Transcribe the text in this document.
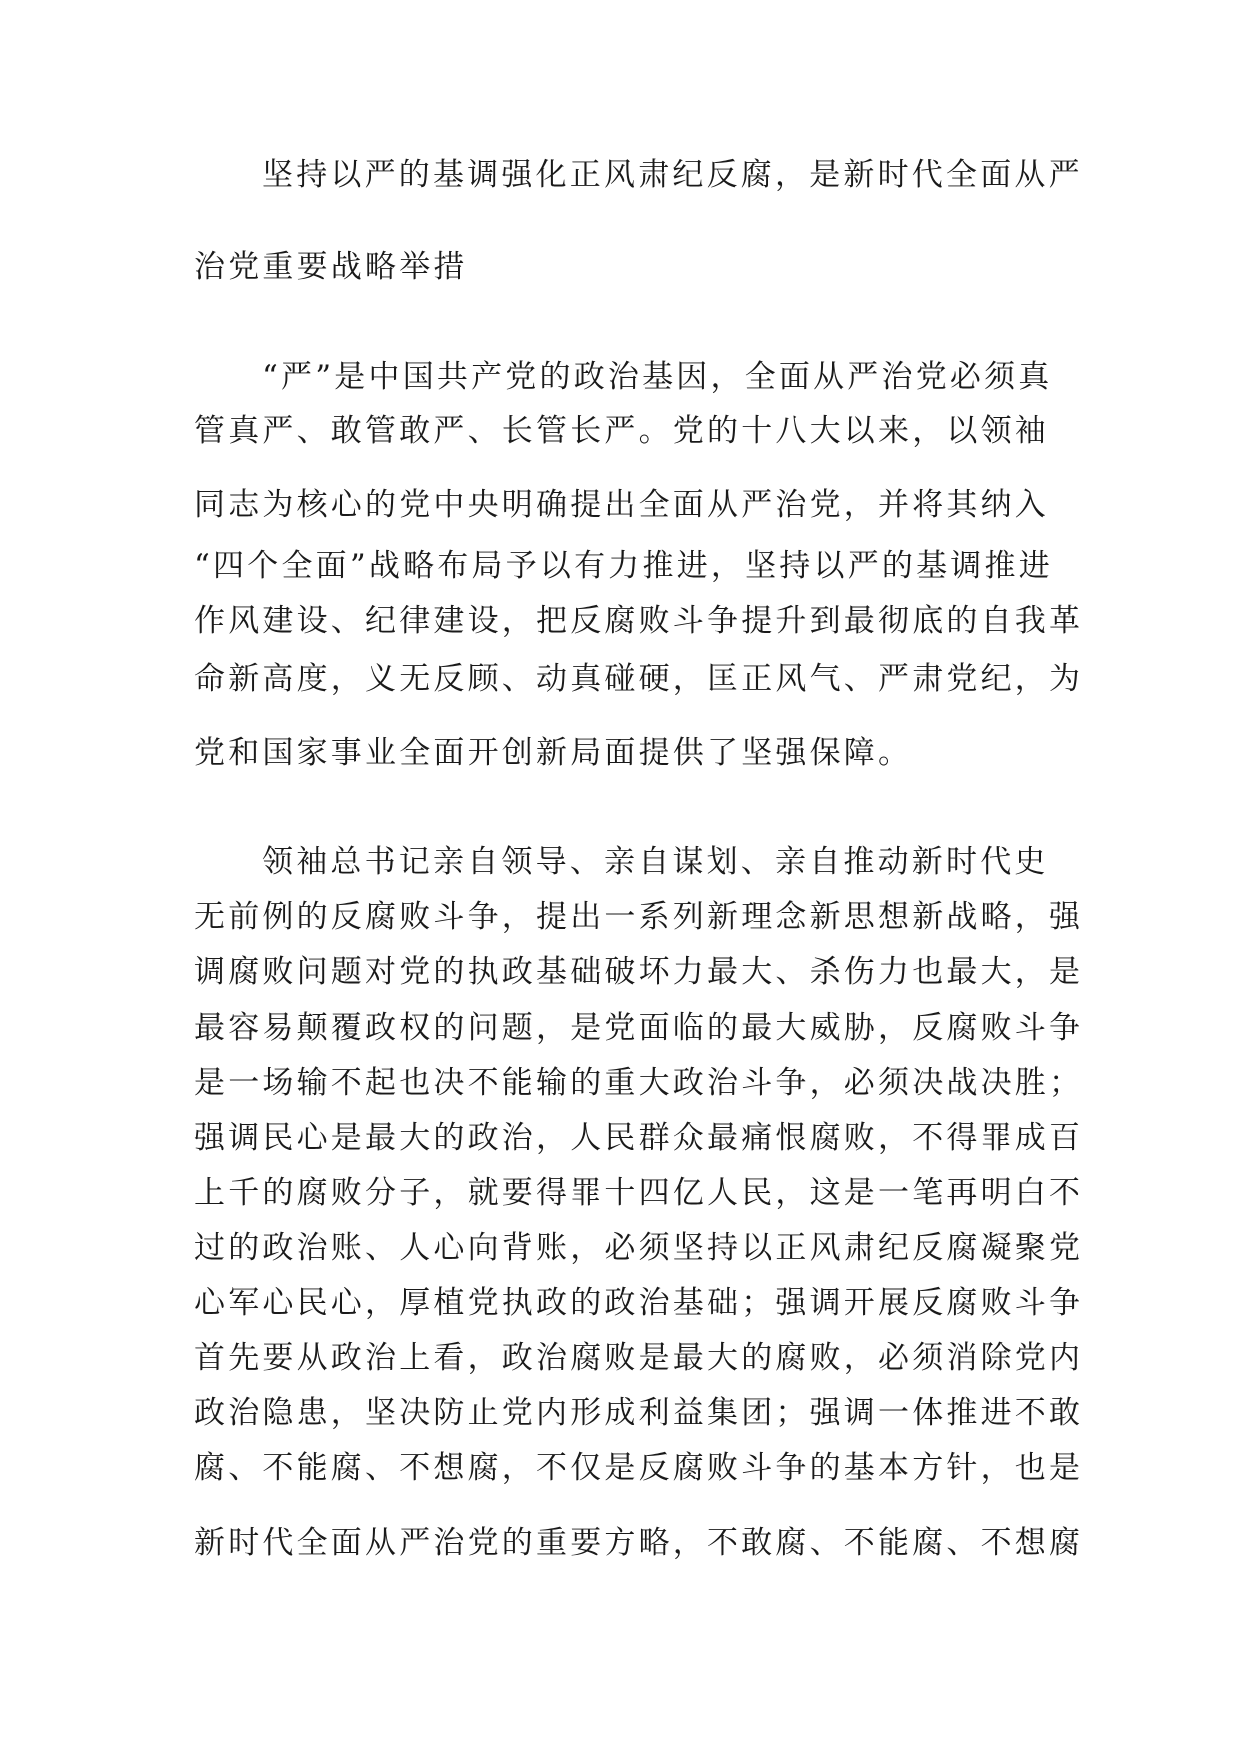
坚持以严的基调强化正风肃纪反腐，是新时代全面从严

治党重要战略举措

“严”是中国共产党的政治基因，全面从严治党必须真

管真严、敢管敢严、长管长严。党的十八大以来，以领袖

同志为核心的党中央明确提出全面从严治党，并将其纳入

“四个全面”战略布局予以有力推进，坚持以严的基调推进

作风建设、纪律建设，把反腐败斗争提升到最彻底的自我革

命新高度，义无反顾、动真碰硬，匡正风气、严肃党纪，为

党和国家事业全面开创新局面提供了坚强保障。

领袖总书记亲自领导、亲自谋划、亲自推动新时代史

无前例的反腐败斗争，提出一系列新理念新思想新战略，强

调腐败问题对党的执政基础破坏力最大、杀伤力也最大，是

最容易颠覆政权的问题，是党面临的最大威胁，反腐败斗争

是一场输不起也决不能输的重大政治斗争，必须决战决胜；

强调民心是最大的政治，人民群众最痛恨腐败，不得罪成百

上千的腐败分子，就要得罪十四亿人民，这是一笔再明白不

过的政治账、人心向背账，必须坚持以正风肃纪反腐凝聚党

心军心民心，厚植党执政的政治基础；强调开展反腐败斗争

首先要从政治上看，政治腐败是最大的腐败，必须消除党内

政治隐患，坚决防止党内形成利益集团；强调一体推进不敢

腐、不能腐、不想腐，不仅是反腐败斗争的基本方针，也是

新时代全面从严治党的重要方略，不敢腐、不能腐、不想腐
